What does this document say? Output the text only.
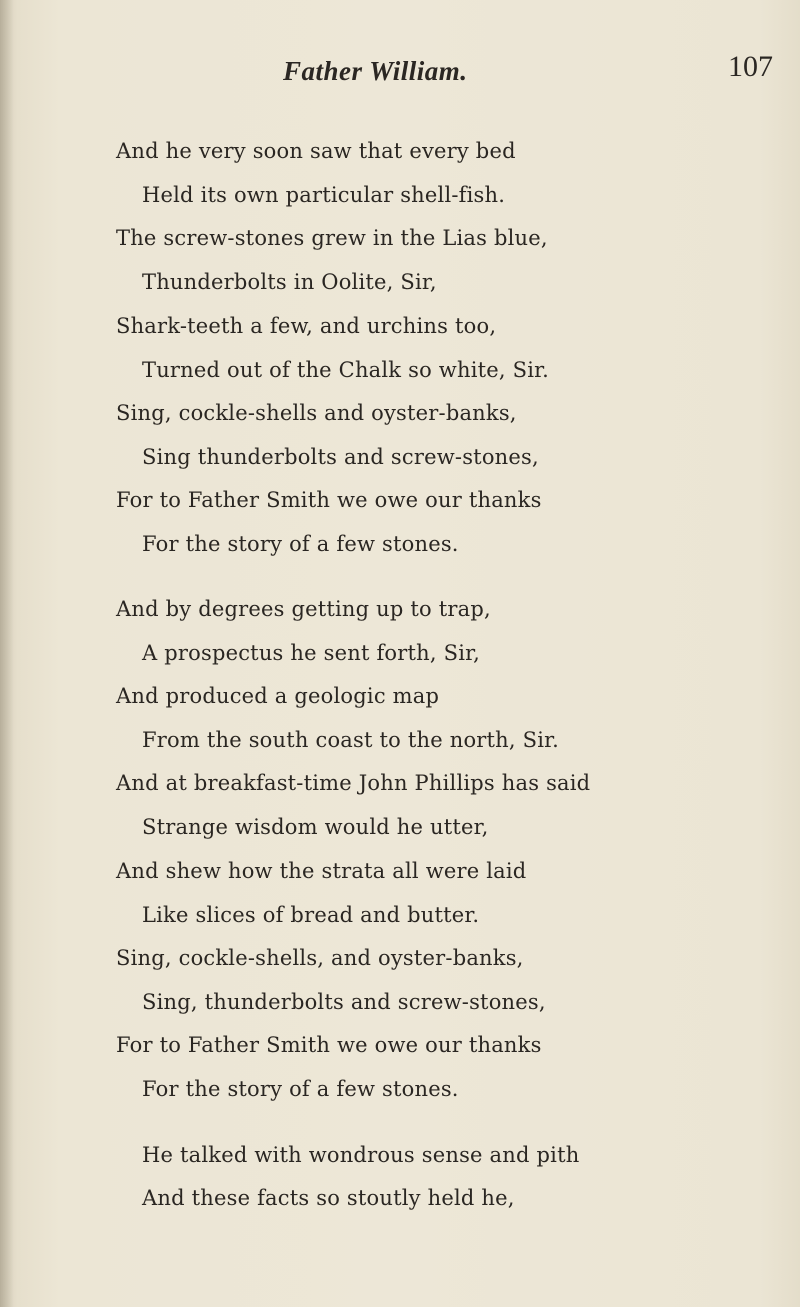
Father William.	107
And he very soon saw that every bed
Held its own particular shell-fish.
The screw-stones grew in the Lias blue,
Thunderbolts in Oolite, Sir,
Shark-teeth a few, and urchins too,
Turned out of the Chalk so white, Sir.
Sing, cockle-shells and oyster-banks,
Sing thunderbolts and screw-stones,
For to Father Smith we owe our thanks
For the story of a few stones.
And by degrees getting up to trap,
A prospectus he sent forth, Sir,
And produced a geologic map
From the south coast to the north, Sir.
And at breakfast-time John Phillips has said
Strange wisdom would he utter,
And shew how the strata all were laid
Like slices of bread and butter.
Sing, cockle-shells, and oyster-banks,
Sing, thunderbolts and screw-stones,
For to Father Smith we owe our thanks
For the story of a few stones.
He talked with wondrous sense and pith
And these facts so stoutly held he,
